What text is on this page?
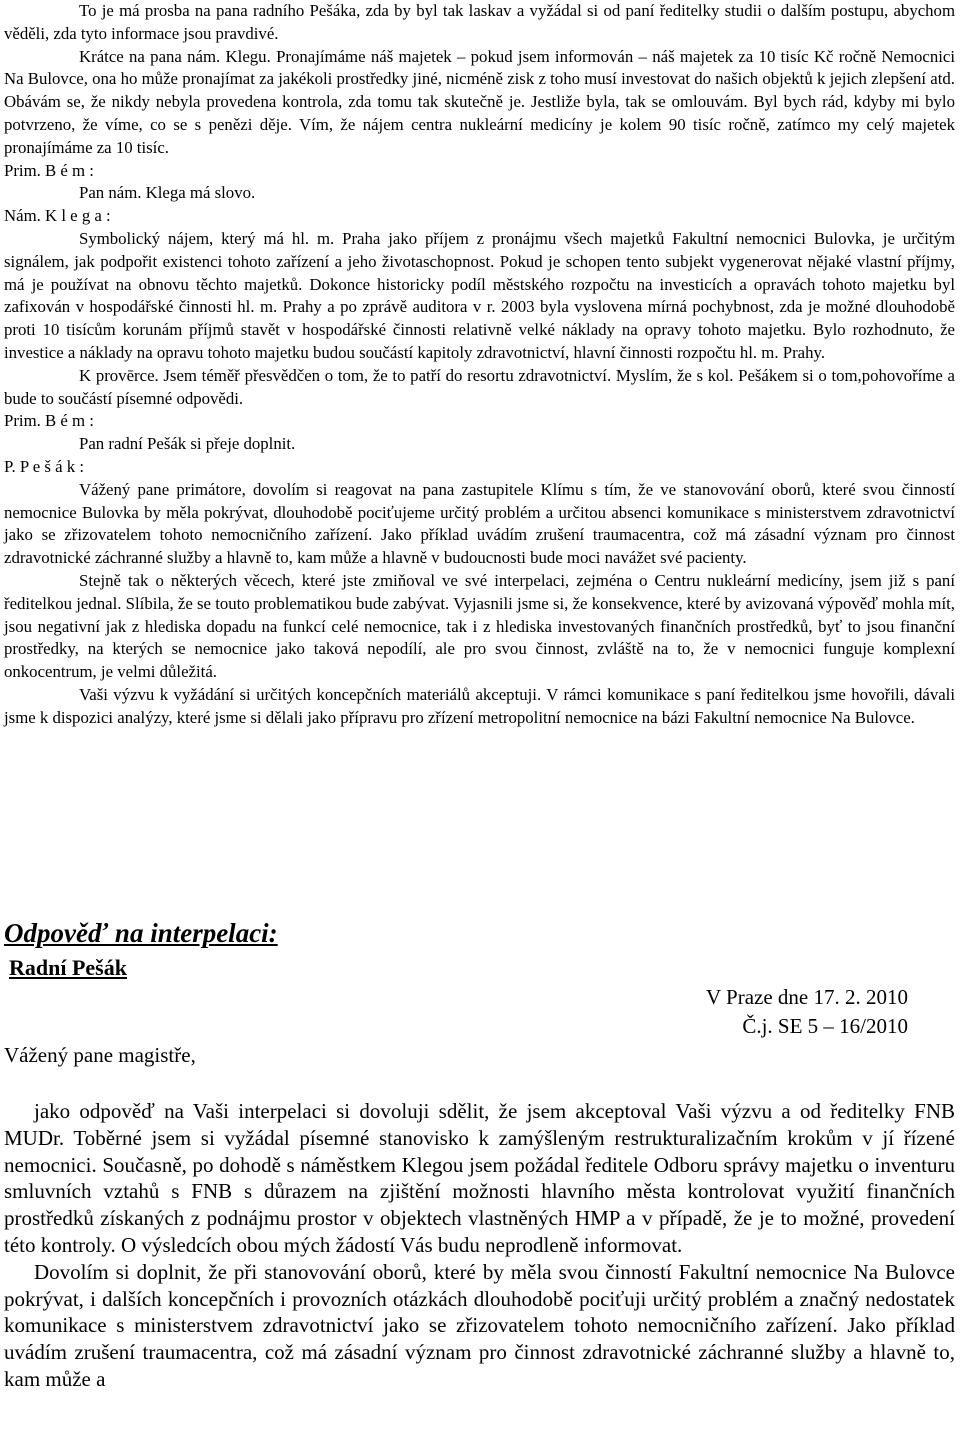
To je má prosba na pana radního Pešáka, zda by byl tak laskav a vyžádal si od paní ředitelky studii o dalším postupu, abychom věděli, zda tyto informace jsou pravdivé.

Krátce na pana nám. Klegu. Pronajímáme náš majetek – pokud jsem informován – náš majetek za 10 tisíc Kč ročně Nemocnici Na Bulovce, ona ho může pronajímat za jakékoli prostředky jiné, nicméně zisk z toho musí investovat do našich objektů k jejich zlepšení atd. Obávám se, že nikdy nebyla provedena kontrola, zda tomu tak skutečně je. Jestliže byla, tak se omlouvám. Byl bych rád, kdyby mi bylo potvrzeno, že víme, co se s penězi děje. Vím, že nájem centra nukleární medicíny je kolem 90 tisíc ročně, zatímco my celý majetek pronajímáme za 10 tisíc.

Prim. B é m :

Pan nám. Klega má slovo.

Nám. K l e g a :

Symbolický nájem, který má hl. m. Praha jako příjem z pronájmu všech majetků Fakultní nemocnici Bulovka, je určitým signálem, jak podpořit existenci tohoto zařízení a jeho životaschopnost. Pokud je schopen tento subjekt vygenerovat nějaké vlastní příjmy, má je používat na obnovu těchto majetků. Dokonce historicky podíl městského rozpočtu na investicích a opravách tohoto majetku byl zafixován v hospodářské činnosti hl. m. Prahy a po zprávě auditora v r. 2003 byla vyslovena mírná pochybnost, zda je možné dlouhodobě proti 10 tisícům korunám příjmů stavět v hospodářské činnosti relativně velké náklady na opravy tohoto majetku. Bylo rozhodnuto, že investice a náklady na opravu tohoto majetku budou součástí kapitoly zdravotnictví, hlavní činnosti rozpočtu hl. m. Prahy.

K provērce. Jsem téměř přesvědčen o tom, že to patří do resortu zdravotnictví. Myslím, že s kol. Pešákem si o tom,pohovoříme a bude to součástí písemné odpovědi.

Prim. B é m :

Pan radní Pešák si přeje doplnit.

P. P e š á k :

Vážený pane primátore, dovolím si reagovat na pana zastupitele Klímu s tím, že ve stanovování oborů, které svou činností nemocnice Bulovka by měla pokrývat, dlouhodobě pociťujeme určitý problém a určitou absenci komunikace s ministerstvem zdravotnictví jako se zřizovatelem tohoto nemocničního zařízení. Jako příklad uvádím zrušení traumacentra, což má zásadní význam pro činnost zdravotnické záchranné služby a hlavně to, kam může a hlavně v budoucnosti bude moci navážet své pacienty.

Stejně tak o některých věcech, které jste zmiňoval ve své interpelaci, zejména o Centru nukleární medicíny, jsem již s paní ředitelkou jednal. Slíbila, že se touto problematikou bude zabývat. Vyjasnili jsme si, že konsekvence, které by avizovaná výpověď mohla mít, jsou negativní jak z hlediska dopadu na funkcí celé nemocnice, tak i z hlediska investovaných finančních prostředků, byť to jsou finanční prostředky, na kterých se nemocnice jako taková nepodílí, ale pro svou činnost, zvláště na to, že v nemocnici funguje komplexní onkocentrum, je velmi důležitá.

Vaši výzvu k vyžádání si určitých koncepčních materiálů akceptuji. V rámci komunikace s paní ředitelkou jsme hovořili, dávali jsme k dispozici analýzy, které jsme si dělali jako přípravu pro zřízení metropolitní nemocnice na bázi Fakultní nemocnice Na Bulovce.

Odpověď na interpelaci:
Radní Pešák
V Praze dne 17. 2. 2010
Č.j. SE 5 – 16/2010
Vážený pane magistře,

jako odpověď na Vaši interpelaci si dovoluji sdělit, že jsem akceptoval Vaši výzvu a od ředitelky FNB MUDr. Toběrné jsem si vyžádal písemné stanovisko k zamýšleným restrukturalizačním krokům v jí řízené nemocnici. Současně, po dohodě s náměstkem Klegou jsem požádal ředitele Odboru správy majetku o inventuru smluvních vztahů s FNB s důrazem na zjištění možnosti hlavního města kontrolovat využití finančních prostředků získaných z podnájmu prostor v objektech vlastněných HMP a v případě, že je to možné, provedení této kontroly. O výsledcích obou mých žádostí Vás budu neprodleně informovat.

Dovolím si doplnit, že při stanovování oborů, které by měla svou činností Fakultní nemocnice Na Bulovce pokrývat, i dalších koncepčních i provozních otázkách dlouhodobě pociťuji určitý problém a značný nedostatek komunikace s ministerstvem zdravotnictví jako se zřizovatelem tohoto nemocničního zařízení. Jako příklad uvádím zrušení traumacentra, což má zásadní význam pro činnost zdravotnické záchranné služby a hlavně to, kam může a
